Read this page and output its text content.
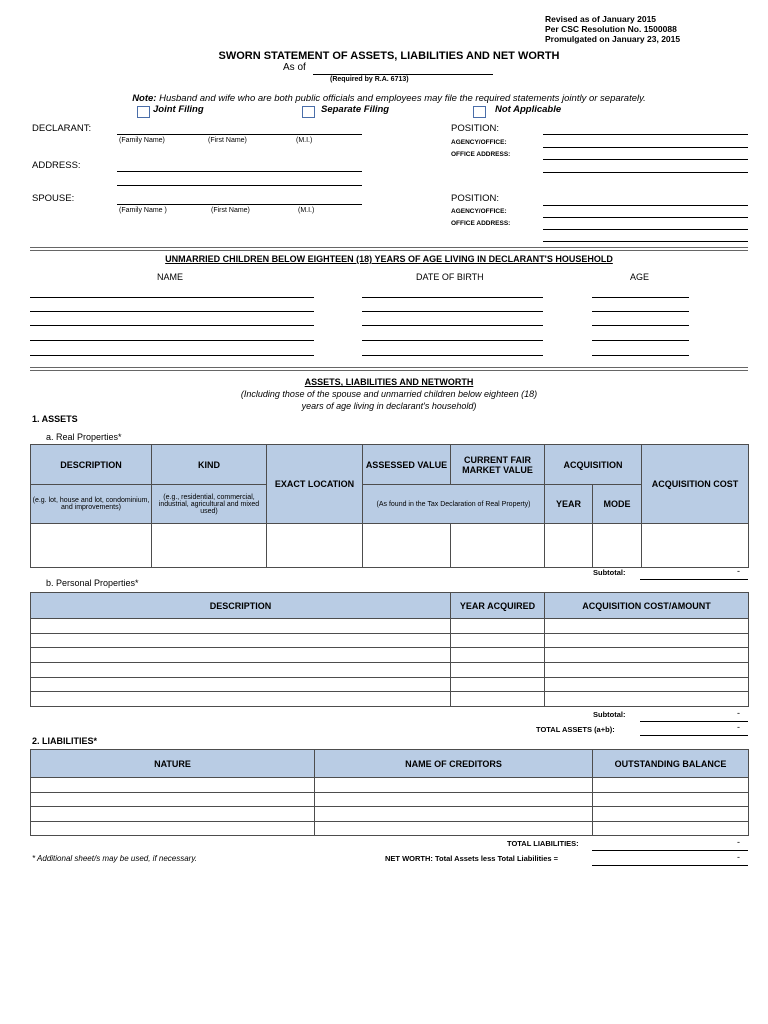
Revised as of January 2015
Per CSC Resolution No. 1500088
Promulgated on January 23, 2015
SWORN STATEMENT OF ASSETS, LIABILITIES AND NET WORTH
As of
(Required by R.A. 6713)
Note: Husband and wife who are both public officials and employees may file the required statements jointly or separately.
Joint Filing	Separate Filing	Not Applicable
DECLARANT:
(Family Name)	(First Name)	(M.I.)
ADDRESS:
POSITION:
AGENCY/OFFICE:
OFFICE ADDRESS:
SPOUSE:
(Family Name )	(First Name)	(M.I.)
POSITION:
AGENCY/OFFICE:
OFFICE ADDRESS:
UNMARRIED CHILDREN BELOW EIGHTEEN (18) YEARS OF AGE LIVING IN DECLARANT'S HOUSEHOLD
NAME	DATE OF BIRTH	AGE
ASSETS, LIABILITIES AND NETWORTH
(Including those of the spouse and unmarried children below eighteen (18)
years of age living in declarant's household)
1. ASSETS
a. Real Properties*
DESCRIPTION	KIND	EXACT LOCATION	ASSESSED VALUE	CURRENT FAIR MARKET VALUE	ACQUISITION		ACQUISITION COST
(e.g. lot, house and lot, condominium, and improvements)	(e.g., residential, commercial, industrial, agricultural and mixed used)		(As found in the Tax Declaration of Real Property)		YEAR	MODE	

Subtotal:	-
b. Personal Properties*
DESCRIPTION	YEAR ACQUIRED	ACQUISITION COST/AMOUNT

Subtotal:	-
TOTAL ASSETS (a+b):	-
2. LIABILITIES*
NATURE	NAME OF CREDITORS	OUTSTANDING BALANCE

TOTAL LIABILITIES:	-
* Additional sheet/s may be used, if necessary.	NET WORTH: Total Assets less Total Liabilities =	-
